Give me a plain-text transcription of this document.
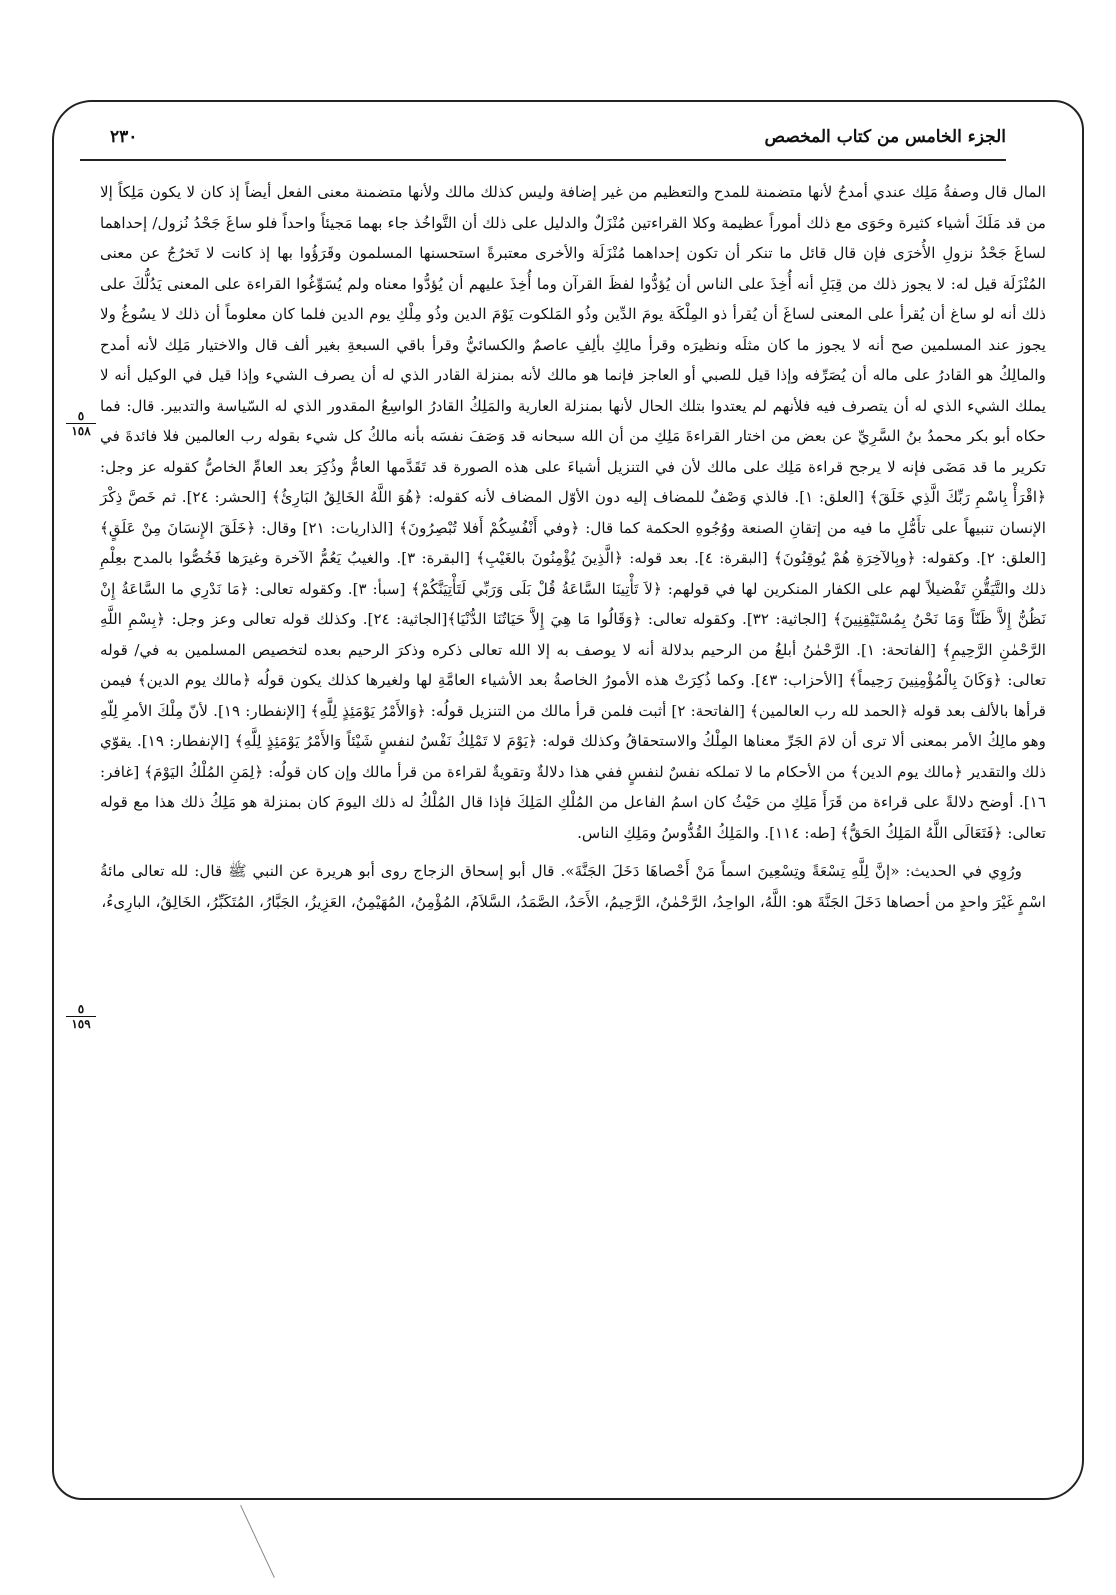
الجزء الخامس من كتاب المخصص
٢٣٠
٥
١٥٨
٥
١٥٩

المال قال وصفةُ مَلِك عندي أمدحُ لأنها متضمنة للمدح والتعظيم من غير إضافة وليس كذلك مالك ولأنها متضمنة معنى الفعل أيضاً إذ كان لا يكون مَلِكاً إلا من قد مَلَكَ أشياء كثيرة وحَوَى مع ذلك أموراً عظيمة وكلا القراءتين مُنْزَلٌ والدليل على ذلك أن التَّواخُذ جاء بهما مَجيئاً واحداً فلو ساغَ جَحْدُ نُزول/ إحداهما لساغَ جَحْدُ نزولِ الأُخرَى فإن قال قائل ما تنكر أن تكون إحداهما مُنْزَلَة والأخرى معتبرةً استحسنها المسلمون وقَرَؤُوا بها إذ كانت لا تَخرُجُ عن معنى المُنْزَلَة قيل له: لا يجوز ذلك من قِبَلِ أنه أُخِذَ على الناس أن يُؤدُّوا لفظَ القرآن وما أُخِذَ عليهم أن يُؤدُّوا معناه ولم يُسَوِّغُوا القراءة على المعنى يَدُلُّكَ على ذلك أنه لو ساغ أن يُقرأ على المعنى لساغَ أن يُقرأ ذو المِلْكَة يومَ الدِّين وذُو المَلكوت يَوْمَ الدين وذُو مِلْكِ يوم الدين فلما كان معلوماً أن ذلك لا يسُوغُ ولا يجوز عند المسلمين صح أنه لا يجوز ما كان مثلَه ونظيرَه وقرأ مالِكِ بألِفِ عاصمٌ والكسائيُّ وقرأ باقي السبعةِ بغير ألف قال والاختيار مَلِك لأنه أمدح والمالِكُ هو القادرُ على ماله أن يُصَرِّفه وإذا قيل للصبي أو العاجز فإنما هو مالك لأنه بمنزلة القادر الذي له أن يصرف الشيء وإذا قيل في الوكيل أنه لا يملك الشيء الذي له أن يتصرف فيه فلأنهم لم يعتدوا بتلك الحال لأنها بمنزلة العارية والمَلِكُ القادرُ الواسِعُ المقدور الذي له السّياسة والتدبير. قال: فما حكاه أبو بكر محمدُ بنُ السَّرِيِّ عن بعض من اختار القراءةَ مَلِكِ من أن الله سبحانه قد وَصَفَ نفسَه بأنه مالكُ كل شيء بقوله رب العالمين فلا فائدةَ في تكرير ما قد مَضَى فإنه لا يرجح قراءة مَلِك على مالك لأن في التنزيل أشياءَ على هذه الصورة قد تَقَدَّمها العامُّ وذُكِرَ بعد العامِّ الخاصُّ كقوله عز وجل: ﴿اقْرَأْ بِاسْمِ رَبِّكَ الَّذِي خَلَقَ﴾ [العلق: ١]. فالذي وَصْفٌ للمضاف إليه دون الأوّل المضاف لأنه كقوله: ﴿هُوَ اللَّهُ الخَالِقُ البَارِئُ﴾ [الحشر: ٢٤]. ثم خَصَّ ذِكْرَ الإنسان تنبيهاً على تأَمُّلِ ما فيه من إتقانِ الصنعة ووُجُوهِ الحكمة كما قال: ﴿وفي أَنْفُسِكُمْ أَفلا تُبْصِرُونَ﴾ [الذاريات: ٢١] وقال: ﴿خَلَقَ الإِنسَانَ مِنْ عَلَقٍ﴾ [العلق: ٢]. وكقوله: ﴿وبِالآخِرَةِ هُمْ يُوقِنُونَ﴾ [البقرة: ٤]. بعد قوله: ﴿الَّذِينَ يُؤْمِنُونَ بالغَيْبِ﴾ [البقرة: ٣]. والغيبُ يَعُمُّ الآخرة وغيرَها فَخُصُّوا بالمدح بعِلْمِ ذلك والتَّيَقُّنِ تَفْضيلاً لهم على الكفار المنكرين لها في قولهم: ﴿لاَ تَأْتِينَا السَّاعَةُ قُلْ بَلَى وَرَبِّي لَتَأْتِيَنَّكُمْ﴾ [سبأ: ٣]. وكقوله تعالى: ﴿مَا نَدْرِي ما السَّاعَةُ إِنْ نَظُنُّ إِلاَّ ظَنّاً وَمَا نَحْنُ بِمُسْتَيْقِنِينَ﴾ [الجاثية: ٣٢]. وكقوله تعالى: ﴿وَقَالُوا مَا هِيَ إِلاَّ حَيَاتُنَا الدُّنْيَا﴾[الجاثية: ٢٤]. وكذلك قوله تعالى وعز وجل: ﴿بِسْمِ اللَّهِ الرَّحْمٰنِ الرَّحِيمِ﴾ [الفاتحة: ١]. الرَّحْمٰنُ أبلغُ من الرحيم بدلالة أنه لا يوصف به إلا الله تعالى ذكره وذكرَ الرحيم بعده لتخصيص المسلمين به في/ قوله تعالى: ﴿وَكَانَ بِالْمُؤْمِنِينَ رَحِيماً﴾ [الأحزاب: ٤٣]. وكما ذُكِرَتْ هذه الأمورُ الخاصةُ بعد الأشياء العامَّةِ لها ولغيرها كذلك يكون قولُه ﴿مالك يوم الدين﴾ فيمن قرأها بالألف بعد قوله ﴿الحمد لله رب العالمين﴾ [الفاتحة: ٢] أثبت فلمن قرأ مالك من التنزيل قولُه: ﴿وَالأَمْرُ يَوْمَئِذٍ لِلَّهِ﴾ [الإنفطار: ١٩]. لأنّ مِلْكَ الأمرِ لِلّهِ وهو مالِكُ الأمر بمعنى ألا ترى أن لامَ الجَرِّ معناها المِلْكُ والاستحقاقُ وكذلك قوله: ﴿يَوْمَ لا تَمْلِكُ نَفْسٌ لنفسٍ شَيْئاً وَالأَمْرُ يَوْمَئِذٍ لِلَّهِ﴾ [الإنفطار: ١٩]. يقوّي ذلك والتقدير ﴿مالك يوم الدين﴾ من الأحكام ما لا تملكه نفسٌ لنفسٍ ففي هذا دلالةٌ وتقويةٌ لقراءة من قرأ مالك وإن كان قولُه: ﴿لِمَنِ المُلْكُ اليَوْمَ﴾ [غافر: ١٦]. أوضح دلالةً على قراءة من قَرَأَ مَلِكِ من حَيْثُ كان اسمُ الفاعل من المُلْكِ المَلِكَ فإذا قال المُلْكُ له ذلك اليومَ كان بمنزلة هو مَلِكُ ذلك هذا مع قوله تعالى: ﴿فَتَعَالَى اللَّهُ المَلِكُ الحَقُّ﴾ [طه: ١١٤]. والمَلِكُ القُدُّوسُ ومَلِكِ الناس.

ورُوِي في الحديث: «إنَّ لِلَّهِ تِسْعَةً وتِسْعِينَ اسماً مَنْ أَحْصاهَا دَخَلَ الجَنَّةَ». قال أبو إسحاق الزجاج روى أبو هريرة عن النبي ﷺ قال: لله تعالى مائةُ اسْمٍ غَيْرَ واحدٍ من أحصاها دَخَلَ الجَنَّةَ هو: اللَّهُ، الواحِدُ، الرَّحْمٰنُ، الرَّحِيمُ، الأَحَدُ، الصَّمَدُ، السَّلاَمُ، المُؤْمِنُ، المُهَيْمِنُ، العَزِيزُ، الجَبَّارُ، المُتَكَبِّرُ، الخَالِقُ، البارِىءُ،
